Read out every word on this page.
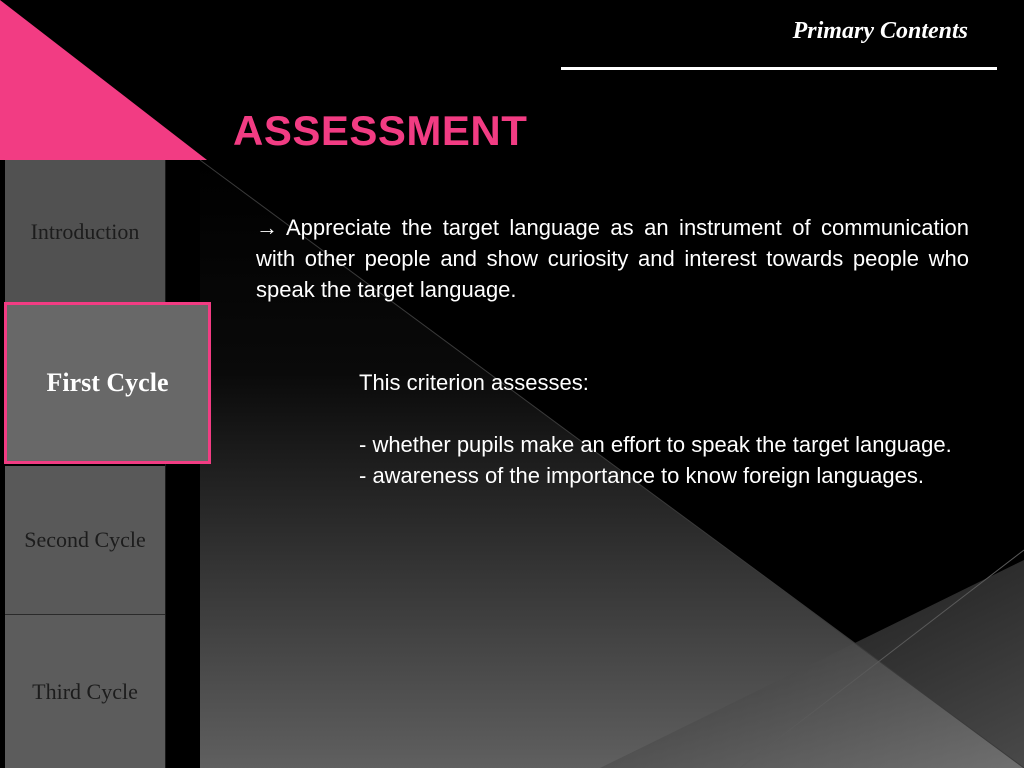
Primary Contents
ASSESSMENT
Introduction
Second Cycle
Third Cycle
First Cycle

→ Appreciate the target language as an instrument of communication with other people and show curiosity and interest towards people who speak the target language.

This criterion assesses:

- whether pupils make an effort to speak the target language.

- awareness of the importance to know foreign languages.
